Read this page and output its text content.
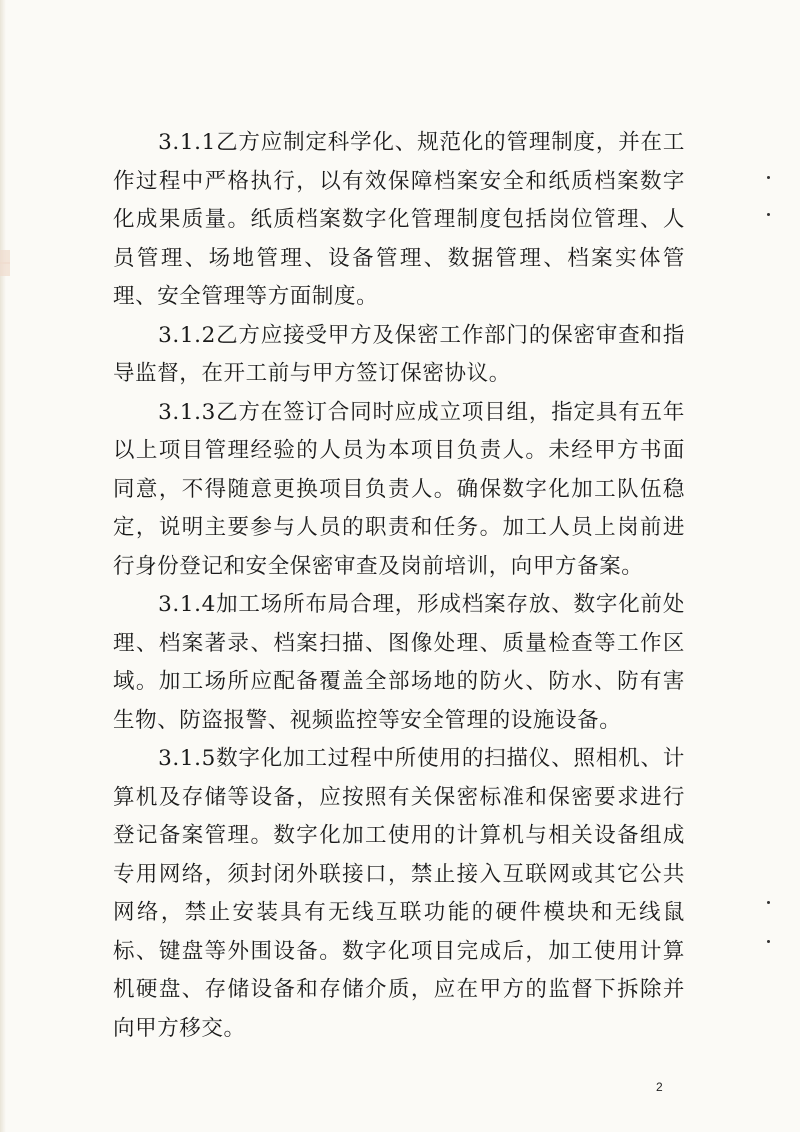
3.1.1乙方应制定科学化、规范化的管理制度，并在工作过程中严格执行，以有效保障档案安全和纸质档案数字化成果质量。纸质档案数字化管理制度包括岗位管理、人员管理、场地管理、设备管理、数据管理、档案实体管理、安全管理等方面制度。

3.1.2乙方应接受甲方及保密工作部门的保密审查和指导监督，在开工前与甲方签订保密协议。

3.1.3乙方在签订合同时应成立项目组，指定具有五年以上项目管理经验的人员为本项目负责人。未经甲方书面同意，不得随意更换项目负责人。确保数字化加工队伍稳定，说明主要参与人员的职责和任务。加工人员上岗前进行身份登记和安全保密审查及岗前培训，向甲方备案。

3.1.4加工场所布局合理，形成档案存放、数字化前处理、档案著录、档案扫描、图像处理、质量检查等工作区域。加工场所应配备覆盖全部场地的防火、防水、防有害生物、防盗报警、视频监控等安全管理的设施设备。

3.1.5数字化加工过程中所使用的扫描仪、照相机、计算机及存储等设备，应按照有关保密标准和保密要求进行登记备案管理。数字化加工使用的计算机与相关设备组成专用网络，须封闭外联接口，禁止接入互联网或其它公共网络，禁止安装具有无线互联功能的硬件模块和无线鼠标、键盘等外围设备。数字化项目完成后，加工使用计算机硬盘、存储设备和存储介质，应在甲方的监督下拆除并向甲方移交。

2
